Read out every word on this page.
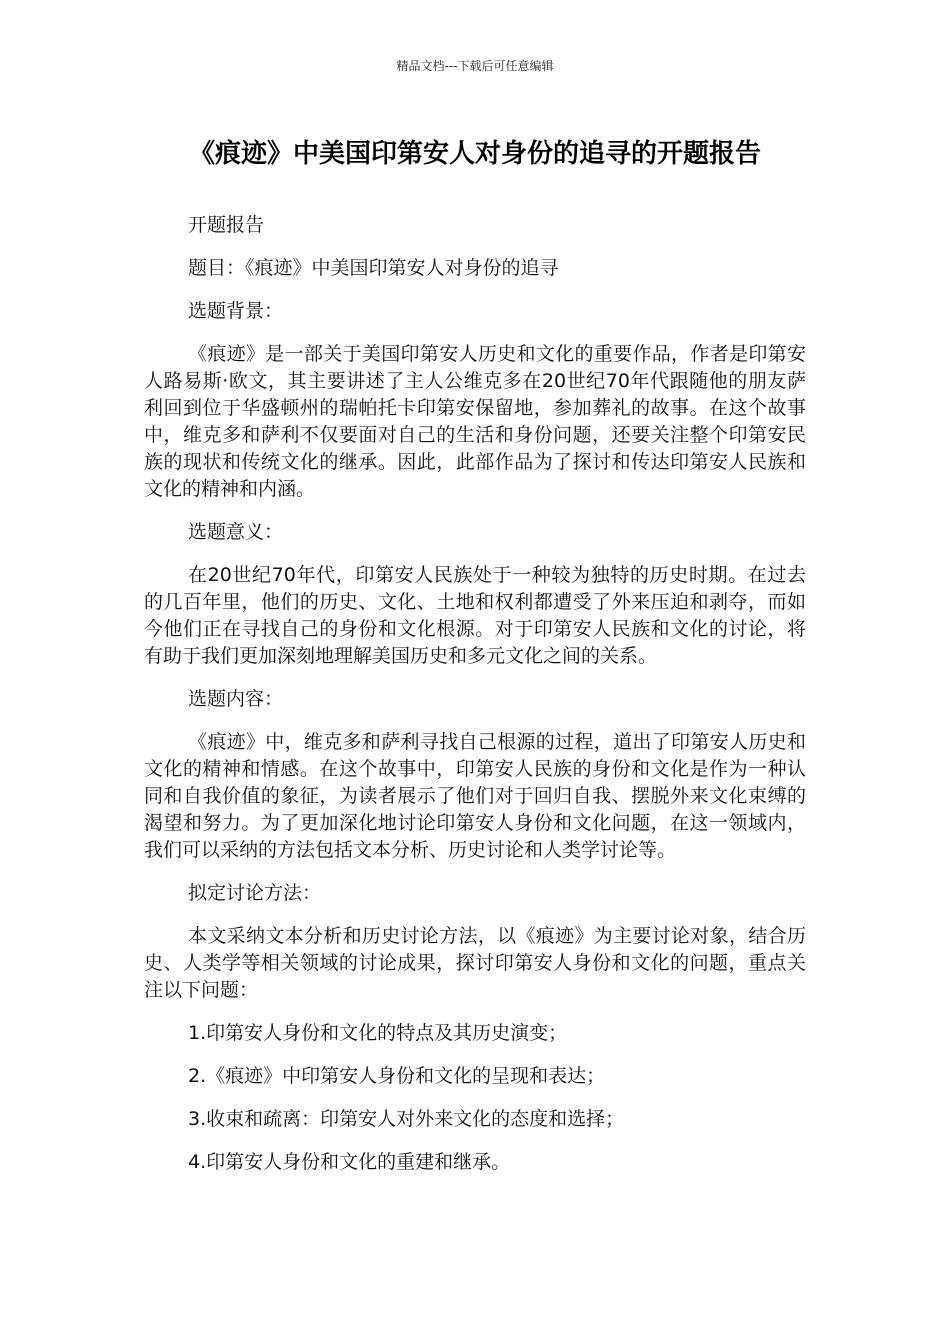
精品文档---下载后可任意编辑
《痕迹》中美国印第安人对身份的追寻的开题报告

开题报告

题目：《痕迹》中美国印第安人对身份的追寻

选题背景：

《痕迹》是一部关于美国印第安人历史和文化的重要作品，作者是印第安人路易斯·欧文，其主要讲述了主人公维克多在20世纪70年代跟随他的朋友萨利回到位于华盛顿州的瑞帕托卡印第安保留地，参加葬礼的故事。在这个故事中，维克多和萨利不仅要面对自己的生活和身份问题，还要关注整个印第安民族的现状和传统文化的继承。因此，此部作品为了探讨和传达印第安人民族和文化的精神和内涵。

选题意义：

在20世纪70年代，印第安人民族处于一种较为独特的历史时期。在过去的几百年里，他们的历史、文化、土地和权利都遭受了外来压迫和剥夺，而如今他们正在寻找自己的身份和文化根源。对于印第安人民族和文化的讨论，将有助于我们更加深刻地理解美国历史和多元文化之间的关系。

选题内容：

《痕迹》中，维克多和萨利寻找自己根源的过程，道出了印第安人历史和文化的精神和情感。在这个故事中，印第安人民族的身份和文化是作为一种认同和自我价值的象征，为读者展示了他们对于回归自我、摆脱外来文化束缚的渴望和努力。为了更加深化地讨论印第安人身份和文化问题，在这一领域内，我们可以采纳的方法包括文本分析、历史讨论和人类学讨论等。

拟定讨论方法：

本文采纳文本分析和历史讨论方法，以《痕迹》为主要讨论对象，结合历史、人类学等相关领域的讨论成果，探讨印第安人身份和文化的问题，重点关注以下问题：

1.印第安人身份和文化的特点及其历史演变；

2.《痕迹》中印第安人身份和文化的呈现和表达；

3.收束和疏离：印第安人对外来文化的态度和选择；

4.印第安人身份和文化的重建和继承。
